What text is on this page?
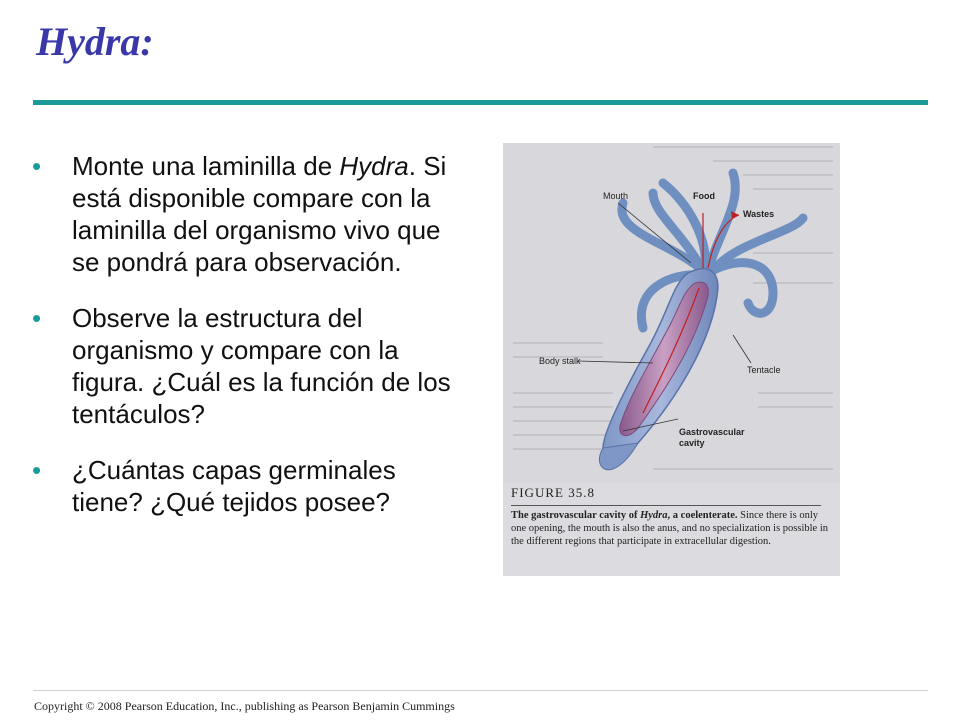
Hydra:
• Monte una laminilla de Hydra. Si está disponible compare con la laminilla del organismo vivo que se pondrá para observación.
• Observe la estructura del organismo y compare con la figura. ¿Cuál es la función de los tentáculos?
• ¿Cuántas capas germinales tiene? ¿Qué tejidos posee?
Mouth	Food
Wastes
Body stalk
Tentacle
Gastrovascular
cavity
FIGURE 35.8
The gastrovascular cavity of Hydra, a coelenterate. Since there is only one opening, the mouth is also the anus, and no specialization is possible in the different regions that participate in extracellular digestion.
Copyright © 2008 Pearson Education, Inc., publishing as Pearson Benjamin Cummings
